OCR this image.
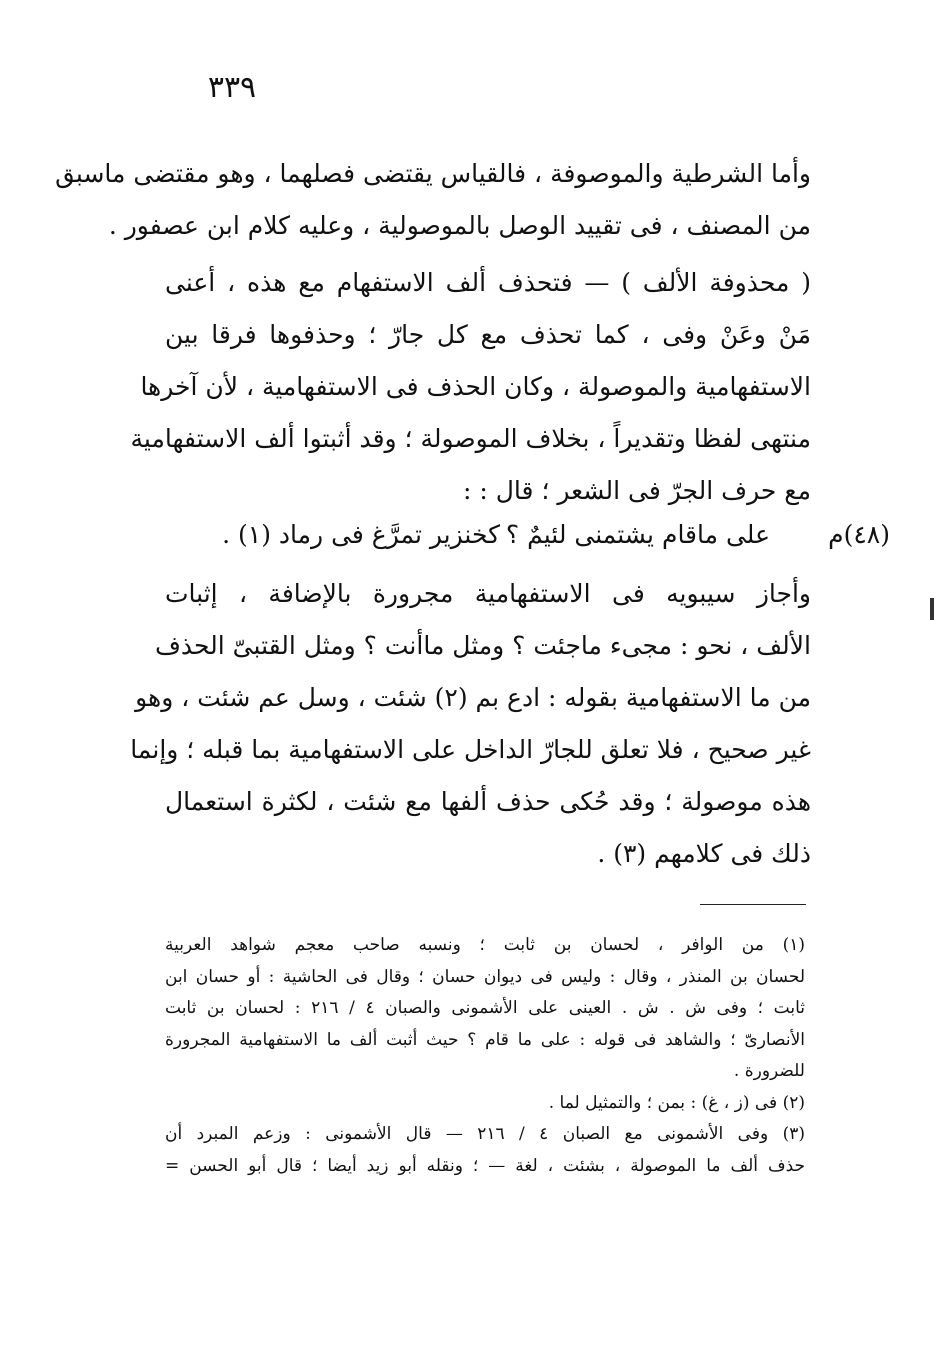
٣٣٩
وأما الشرطية والموصوفة ، فالقياس يقتضى فصلهما ، وهو مقتضى ماسبق
من المصنف ، فى تقييد الوصل بالموصولية ، وعليه كلام ابن عصفور .
( محذوفة الألف ) — فتحذف ألف الاستفهام مع هذه ، أعنى
مَنْ وعَنْ وفى ، كما تحذف مع كل جارّ ؛ وحذفوها فرقا بين
الاستفهامية والموصولة ، وكان الحذف فى الاستفهامية ، لأن آخرها
منتهى لفظا وتقديراً ، بخلاف الموصولة ؛ وقد أثبتوا ألف الاستفهامية
مع حرف الجرّ فى الشعر ؛ قال : :
(٤٨)م
على ماقام يشتمنى لئيمٌ ؟
كخنزير تمرَّغ فى رماد (١) .
وأجاز سيبويه فى الاستفهامية مجرورة بالإضافة ، إثبات
الألف ، نحو : مجىء ماجئت ؟ ومثل ماأنت ؟ ومثل القتبىّ الحذف
من ما الاستفهامية بقوله : ادع بم (٢) شئت ، وسل عم شئت ، وهو
غير صحيح ، فلا تعلق للجارّ الداخل على الاستفهامية بما قبله ؛ وإنما
هذه موصولة ؛ وقد حُكى حذف ألفها مع شئت ، لكثرة استعمال
ذلك فى كلامهم (٣) .
(١) من الوافر ، لحسان بن ثابت ؛ ونسبه صاحب معجم شواهد العربية
لحسان بن المنذر ، وقال : وليس فى ديوان حسان ؛ وقال فى الحاشية : أو حسان ابن
ثابت ؛ وفى ش . ش . العينى على الأشمونى والصبان ٤ / ٢١٦ : لحسان بن ثابت
الأنصارىّ ؛ والشاهد فى قوله : على ما قام ؟ حيث أثبت ألف ما الاستفهامية المجرورة
للضرورة .
(٢) فى (ز ، غ) : بمن ؛ والتمثيل لما .
(٣) وفى الأشمونى مع الصبان ٤ / ٢١٦ — قال الأشمونى : وزعم المبرد أن
حذف ألف ما الموصولة ، بشئت ، لغة — ؛ ونقله أبو زيد أيضا ؛ قال أبو الحسن =
